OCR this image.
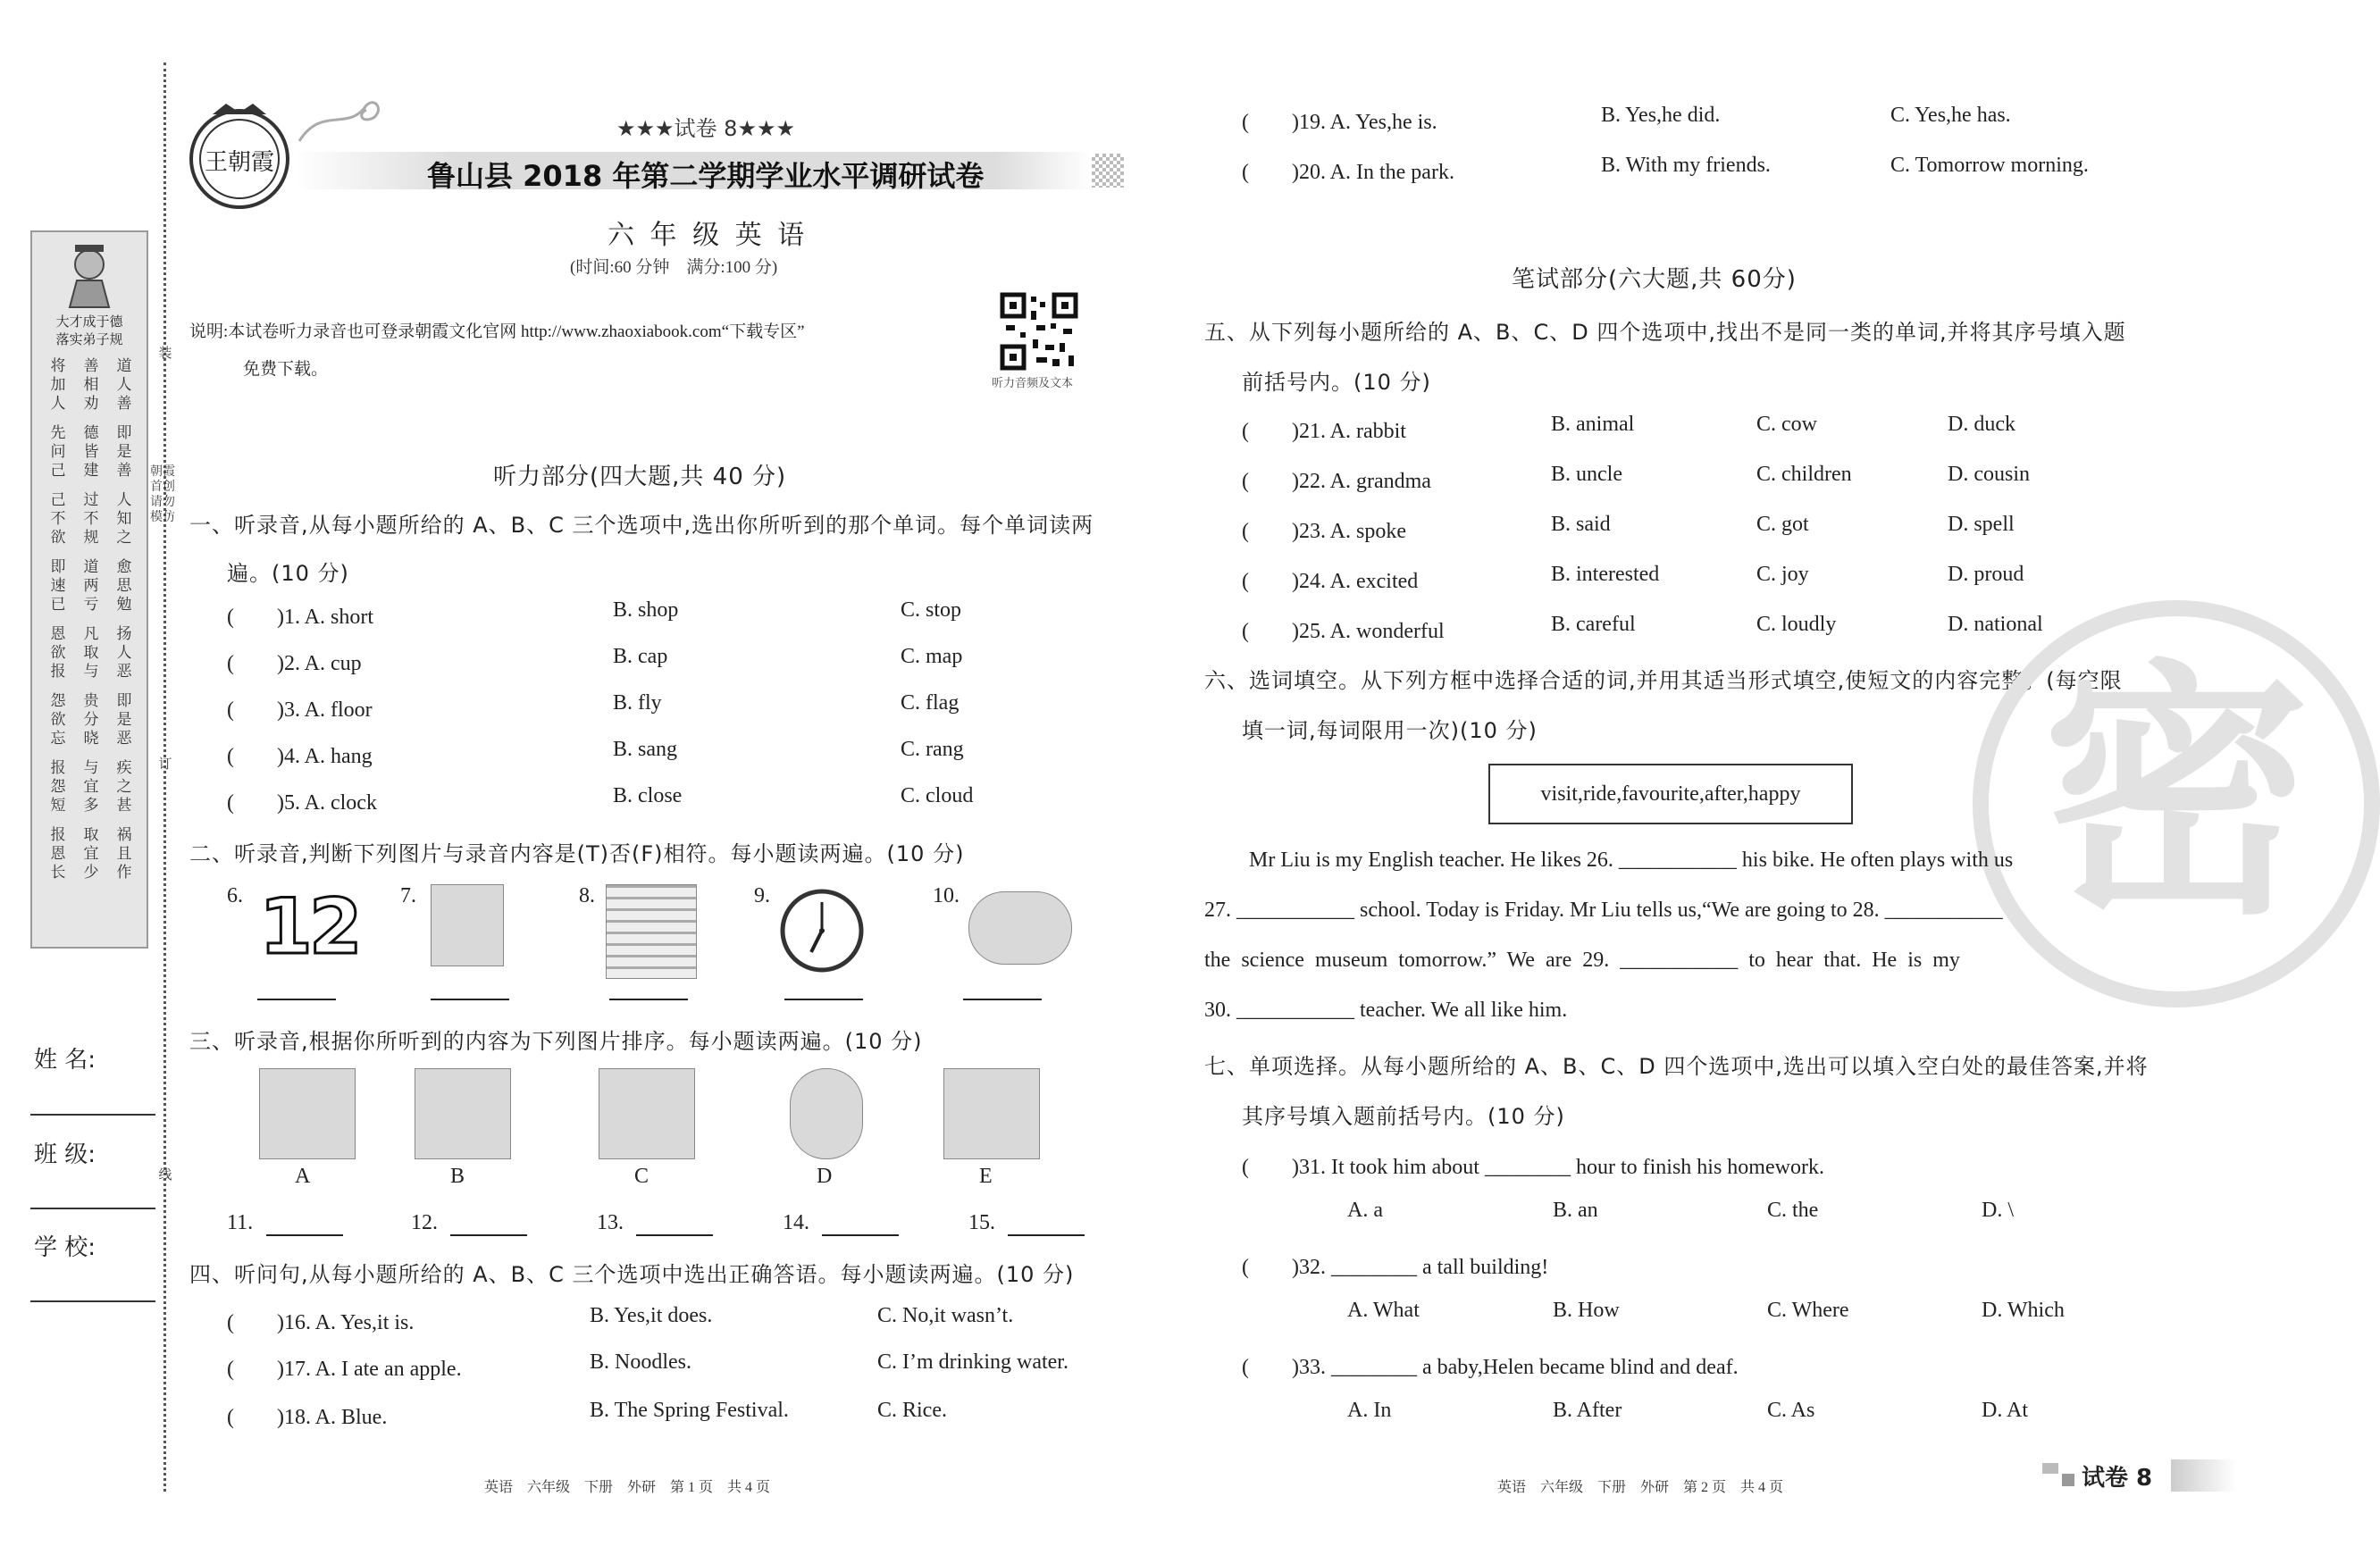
大才成于德
落实弟子规
将 善 道
加 相 人
人 劝 善
先 德 即
问 皆 是
己 建 善
己 过 人
不 不 知
欲 规 之
即 道 愈
速 两 思
已 亏 勉
恩 凡 扬
欲 取 人
报 与 恶
怨 贵 即
欲 分 是
忘 晓 恶
报 与 疾
怨 宜 之
短 多 甚
报 取 祸
恩 宜 且
长 少 作
装
订
线
朝霞首创 请勿模仿
姓 名:
班 级:
学 校:
王朝霞
★★★试卷 8★★★
鲁山县 2018 年第二学期学业水平调研试卷
六 年 级 英 语
(时间:60 分钟　满分:100 分)
说明:本试卷听力录音也可登录朝霞文化官网 http://www.zhaoxiabook.com“下载专区”
免费下载。
听力音频及文本
听力部分(四大题,共 40 分)
一、听录音,从每小题所给的 A、B、C 三个选项中,选出你所听到的那个单词。每个单词读两
遍。(10 分)
二、听录音,判断下列图片与录音内容是(T)否(F)相符。每小题读两遍。(10 分)
三、听录音,根据你所听到的内容为下列图片排序。每小题读两遍。(10 分)
四、听问句,从每小题所给的 A、B、C 三个选项中选出正确答语。每小题读两遍。(10 分)
笔试部分(六大题,共 60分)
五、从下列每小题所给的 A、B、C、D 四个选项中,找出不是同一类的单词,并将其序号填入题
前括号内。(10 分)
六、选词填空。从下列方框中选择合适的词,并用其适当形式填空,使短文的内容完整。(每空限
填一词,每词限用一次)(10 分)
visit,ride,favourite,after,happy
七、单项选择。从每小题所给的 A、B、C、D 四个选项中,选出可以填入空白处的最佳答案,并将
其序号填入题前括号内。(10 分)
密
英语　六年级　下册　外研　第 1 页　共 4 页	英语　六年级　下册　外研　第 2 页　共 4 页	试卷 8
(　　)1. A. short	B. shop	C. stop
(　　)2. A. cup	B. cap	C. map
(　　)3. A. floor	B. fly	C. flag
(　　)4. A. hang	B. sang	C. rang
(　　)5. A. clock	B. close	C. cloud
6.	7.	8.	9.	10.
12
A	B	C	D	E
11.	12.	13.	14.	15.
(　　)16. A. Yes,it is.	B. Yes,it does.	C. No,it wasn’t.
(　　)17. A. I ate an apple.	B. Noodles.	C. I’m drinking water.
(　　)18. A. Blue.	B. The Spring Festival.	C. Rice.
(　　)19. A. Yes,he is.	B. Yes,he did.	C. Yes,he has.
(　　)20. A. In the park.	B. With my friends.	C. Tomorrow morning.
(　　)21. A. rabbit	B. animal	C. cow	D. duck
(　　)22. A. grandma	B. uncle	C. children	D. cousin
(　　)23. A. spoke	B. said	C. got	D. spell
(　　)24. A. excited	B. interested	C. joy	D. proud
(　　)25. A. wonderful	B. careful	C. loudly	D. national
Mr Liu is my English teacher. He likes 26. ___________ his bike. He often plays with us
27. ___________ school. Today is Friday. Mr Liu tells us,“We are going to 28. ___________
the  science  museum  tomorrow.”  We  are  29.  ___________  to  hear  that.  He  is  my
30. ___________ teacher. We all like him.
(　　)31. It took him about ________ hour to finish his homework.
A. a	B. an	C. the	D. \
(　　)32. ________ a tall building!
A. What	B. How	C. Where	D. Which
(　　)33. ________ a baby,Helen became blind and deaf.
A. In	B. After	C. As	D. At
